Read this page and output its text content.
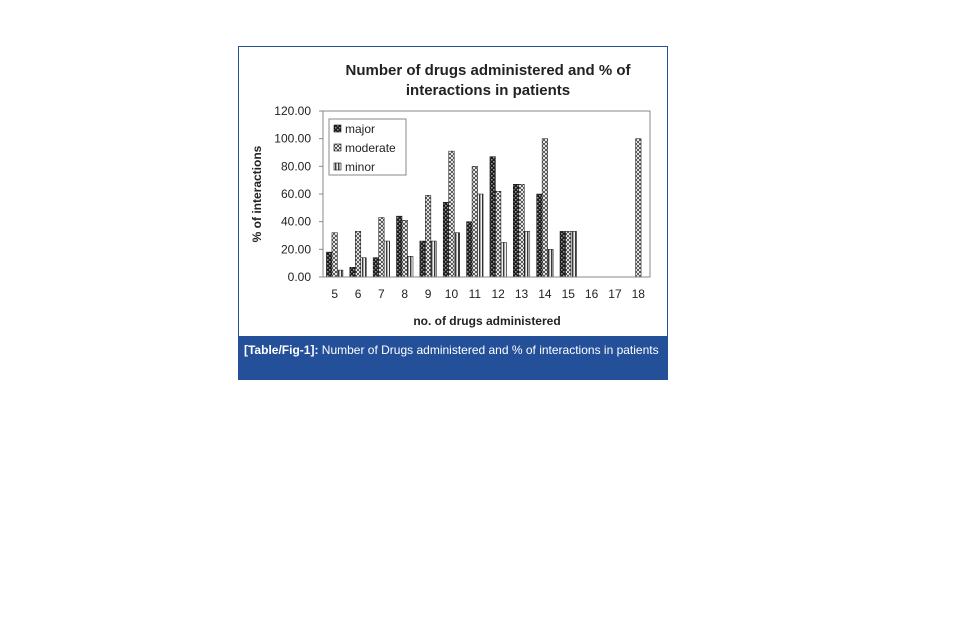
Number of drugs administered and % of
interactions in patients
0.00
20.00
40.00
60.00
80.00
100.00
120.00
5 6 7 8 9 10 11 12 13 14 15 16 17 18
no. of drugs administered
% of interactions
major
moderate
minor
[Table/Fig-1]: Number of Drugs administered and % of interactions in patients
